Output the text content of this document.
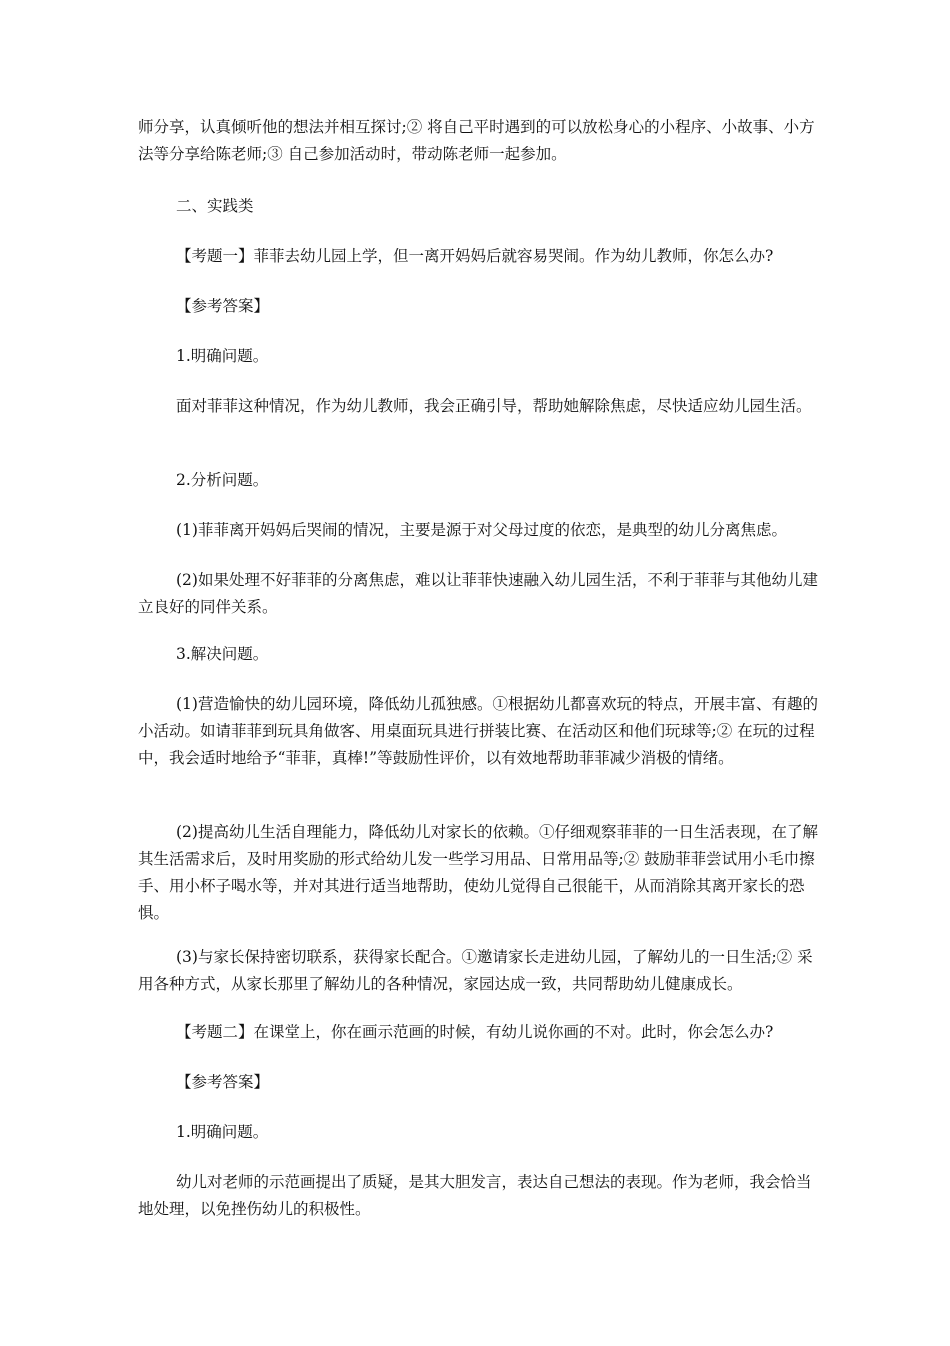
师分享，认真倾听他的想法并相互探讨;② 将自己平时遇到的可以放松身心的小程序、小故事、小方法等分享给陈老师;③ 自己参加活动时，带动陈老师一起参加。

二、实践类

【考题一】菲菲去幼儿园上学，但一离开妈妈后就容易哭闹。作为幼儿教师，你怎么办?

【参考答案】

1.明确问题。

面对菲菲这种情况，作为幼儿教师，我会正确引导，帮助她解除焦虑，尽快适应幼儿园生活。

2.分析问题。

(1)菲菲离开妈妈后哭闹的情况，主要是源于对父母过度的依恋，是典型的幼儿分离焦虑。

(2)如果处理不好菲菲的分离焦虑，难以让菲菲快速融入幼儿园生活，不利于菲菲与其他幼儿建立良好的同伴关系。

3.解决问题。

(1)营造愉快的幼儿园环境，降低幼儿孤独感。①根据幼儿都喜欢玩的特点，开展丰富、有趣的小活动。如请菲菲到玩具角做客、用桌面玩具进行拼装比赛、在活动区和他们玩球等;② 在玩的过程中，我会适时地给予“菲菲，真棒!”等鼓励性评价，以有效地帮助菲菲减少消极的情绪。

(2)提高幼儿生活自理能力，降低幼儿对家长的依赖。①仔细观察菲菲的一日生活表现，在了解其生活需求后，及时用奖励的形式给幼儿发一些学习用品、日常用品等;② 鼓励菲菲尝试用小毛巾擦手、用小杯子喝水等，并对其进行适当地帮助，使幼儿觉得自己很能干，从而消除其离开家长的恐惧。

(3)与家长保持密切联系，获得家长配合。①邀请家长走进幼儿园，了解幼儿的一日生活;② 采用各种方式，从家长那里了解幼儿的各种情况，家园达成一致，共同帮助幼儿健康成长。

【考题二】在课堂上，你在画示范画的时候，有幼儿说你画的不对。此时，你会怎么办?

【参考答案】

1.明确问题。

幼儿对老师的示范画提出了质疑，是其大胆发言，表达自己想法的表现。作为老师，我会恰当地处理，以免挫伤幼儿的积极性。
